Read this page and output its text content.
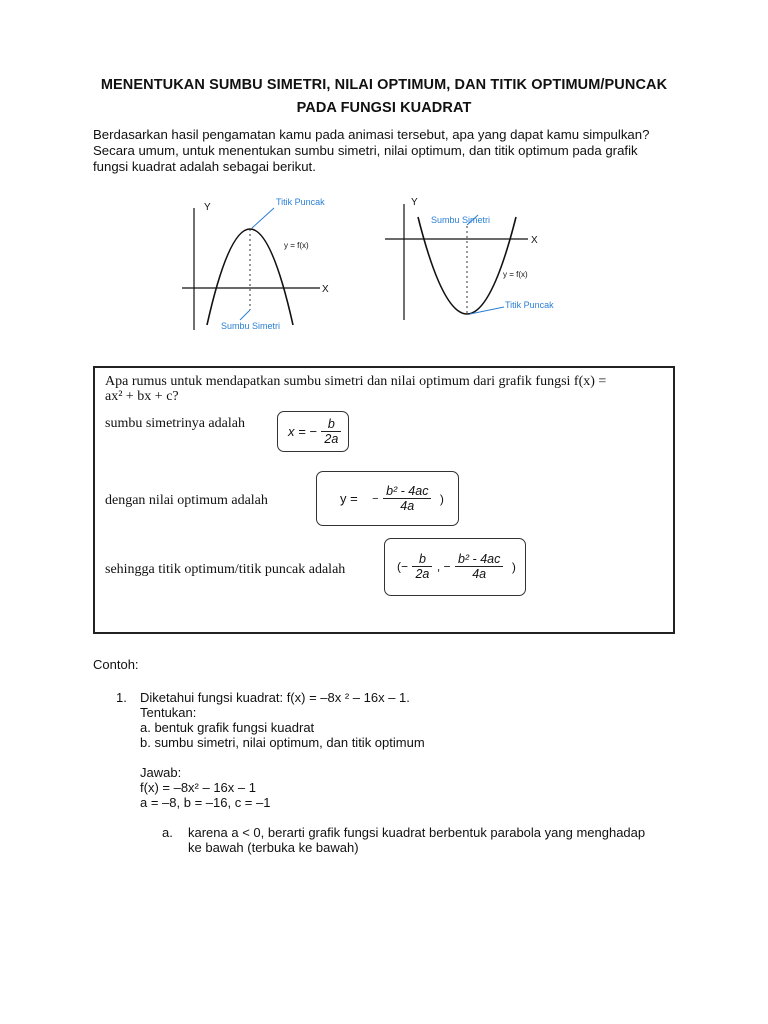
MENENTUKAN SUMBU SIMETRI, NILAI OPTIMUM, DAN TITIK OPTIMUM/PUNCAK
PADA FUNGSI KUADRAT
Berdasarkan hasil pengamatan kamu pada animasi tersebut, apa yang dapat kamu simpulkan?
Secara umum, untuk menentukan sumbu simetri, nilai optimum, dan titik optimum pada grafik
fungsi kuadrat adalah sebagai berikut.
Y
X
Titik Puncak
y = f(x)
Sumbu Simetri
Y
X
Sumbu Simetri
y = f(x)
Titik Puncak
Apa rumus untuk mendapatkan sumbu simetri dan nilai optimum dari grafik fungsi f(x) =
ax² + bx + c?
sumbu simetrinya adalah
x = − $\frac{b}{2a}$
dengan nilai optimum adalah	y = − $\frac{\text{b² - 4ac}}{4a}$ )
sehingga titik optimum/titik puncak adalah	(− $\frac{b}{2a}$ , − $\frac{\text{b² - 4ac}}{4a}$ )
Contoh:
1. Diketahui fungsi kuadrat: f(x) = –8x ² – 16x – 1.
Tentukan:
a. bentuk grafik fungsi kuadrat
b. sumbu simetri, nilai optimum, dan titik optimum
Jawab:
f(x) = –8x² – 16x – 1
a = –8, b = –16, c = –1
a. karena a < 0, berarti grafik fungsi kuadrat berbentuk parabola yang menghadap
ke bawah (terbuka ke bawah)
